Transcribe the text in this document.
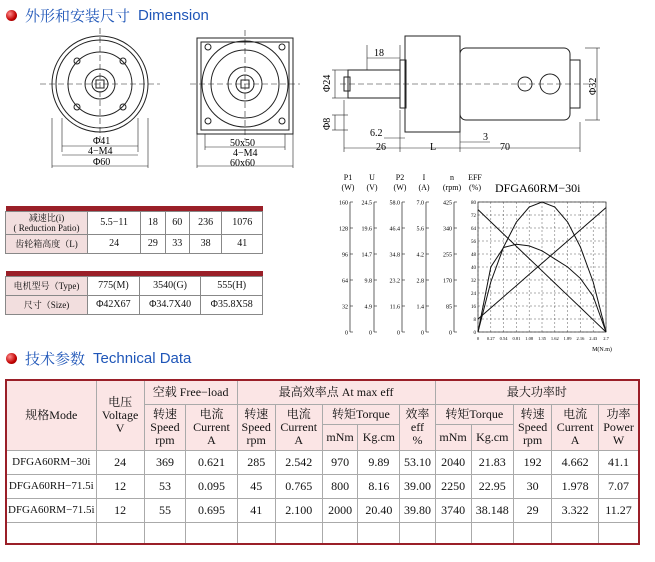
外形和安装尺寸 Dimension
技术参数 Technical Data
Φ41
4−M4
Φ60
50x50
4−M4
60x60
18
Φ24
Φ8
Φ32
6.2
26	L
3
70

减速比(i)
( Reduction Patio)	5.5−11	18	60	236	1076
齿轮箱高度（L)	24	29	33	38	41

电机型号（Type)	775(M)	3540(G)	555(H)
尺寸（Size)	Φ42X67	Φ34.7X40	Φ35.8X58
DFGA60RM−30i
P1
(W)
160
128
96
64
32
0
U
(V)
24.5
19.6
14.7
9.8
4.9
0
P2
(W)
58.0
46.4
34.8
23.2
11.6
0
I
(A)
7.0
5.6
4.2
2.8
1.4
0
n
(rpm)
425
340
255
170
85
0
EFF
(%)
80
72
64
56
48
40
32
24
16
8
0
0 0.27 0.54 0.81 1.08 1.35 1.62 1.89 2.16 2.43 2.7
M(N.m)
规格Mode	电压
Voltage
V	空载 Free−load		最高效率点 At max eff					最大功率时				
		转速
Speed
rpm	电流
Current
A	转速
Speed
rpm	电流
Current
A	转矩Torque		效率
eff
%	转矩Torque		转速
Speed
rpm	电流
Current
A	功率
Power
W
						mNm	Kg.cm		mNm	Kg.cm			
DFGA60RM−30i	24	369	0.621	285	2.542	970	9.89	53.10	2040	21.83	192	4.662	41.1
DFGA60RH−71.5i	12	53	0.095	45	0.765	800	8.16	39.00	2250	22.95	30	1.978	7.07
DFGA60RM−71.5i	12	55	0.695	41	2.100	2000	20.40	39.80	3740	38.148	29	3.322	11.27
